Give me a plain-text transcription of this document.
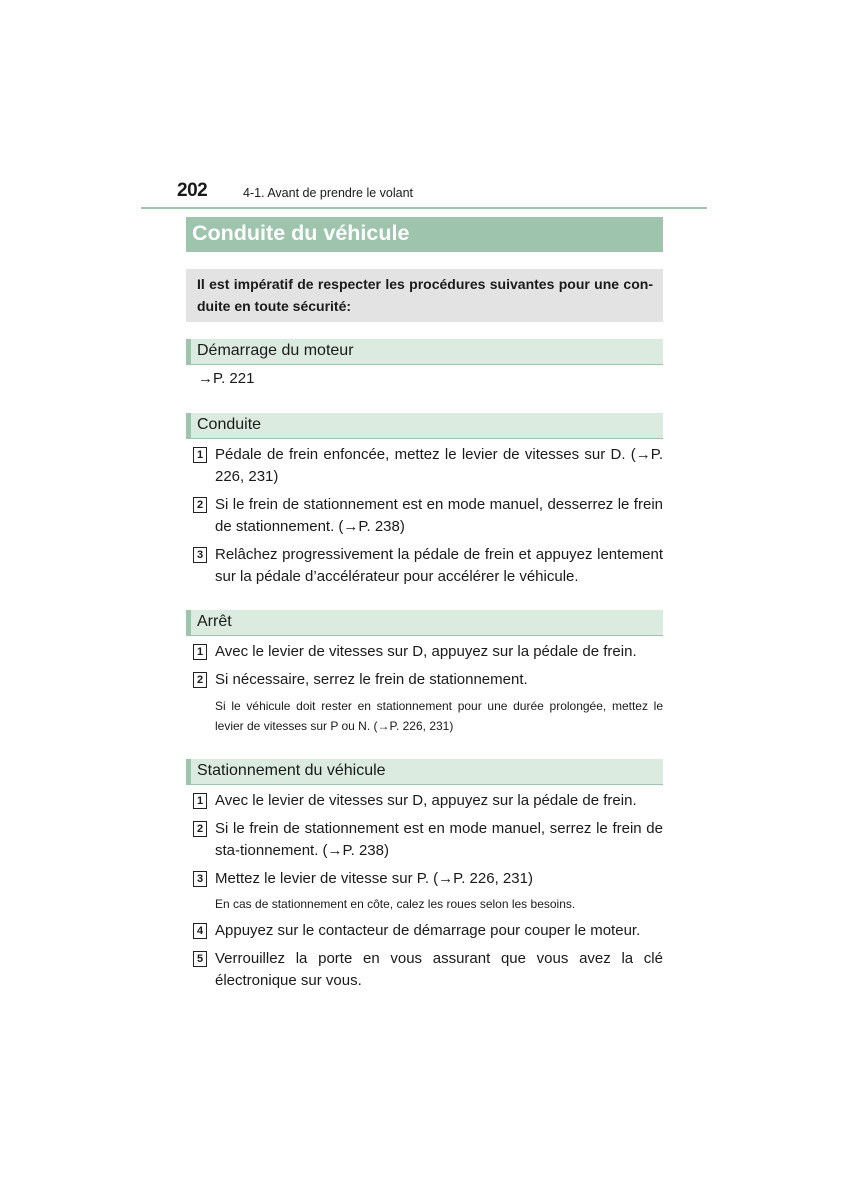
202	4-1. Avant de prendre le volant
Conduite du véhicule
Il est impératif de respecter les procédures suivantes pour une con-duite en toute sécurité:
Démarrage du moteur
→P. 221
Conduite
1 Pédale de frein enfoncée, mettez le levier de vitesses sur D. (→P. 226, 231)
2 Si le frein de stationnement est en mode manuel, desserrez le frein de stationnement. (→P. 238)
3 Relâchez progressivement la pédale de frein et appuyez lentement sur la pédale d’accélérateur pour accélérer le véhicule.
Arrêt
1 Avec le levier de vitesses sur D, appuyez sur la pédale de frein.
2 Si nécessaire, serrez le frein de stationnement.
Si le véhicule doit rester en stationnement pour une durée prolongée, mettez le levier de vitesses sur P ou N. (→P. 226, 231)
Stationnement du véhicule
1 Avec le levier de vitesses sur D, appuyez sur la pédale de frein.
2 Si le frein de stationnement est en mode manuel, serrez le frein de sta-tionnement. (→P. 238)
3 Mettez le levier de vitesse sur P. (→P. 226, 231)
En cas de stationnement en côte, calez les roues selon les besoins.
4 Appuyez sur le contacteur de démarrage pour couper le moteur.
5 Verrouillez la porte en vous assurant que vous avez la clé électronique sur vous.
